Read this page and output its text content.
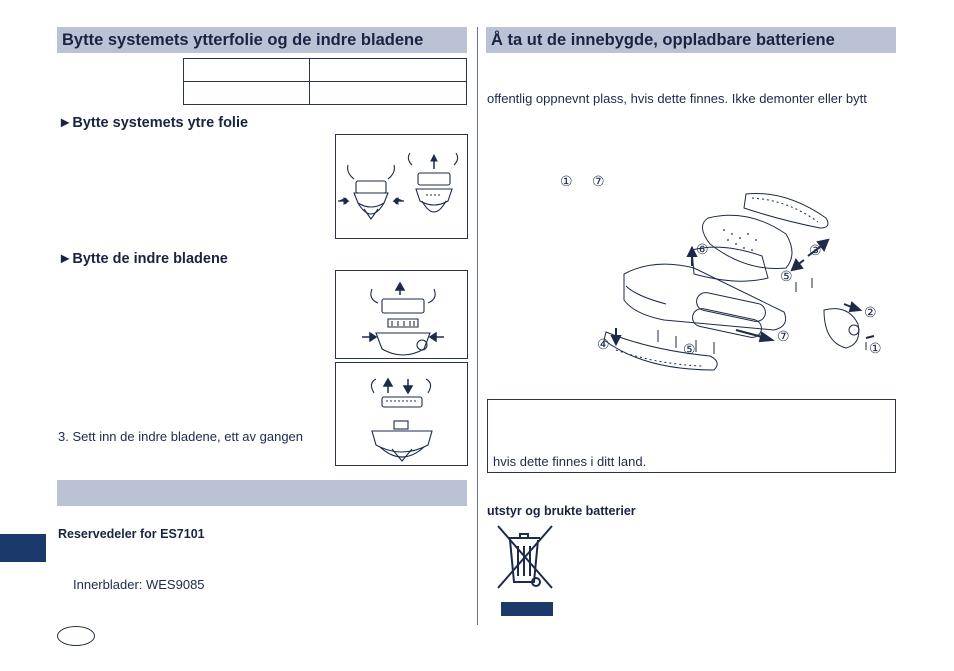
Bytte systemets ytterfolie og de indre bladene

►Bytte systemets ytre folie
►Bytte de indre bladene
3. Sett inn de indre bladene, ett av gangen
Reservedeler for ES7101
Innerblader: WES9085
Å ta ut de innebygde, oppladbare batteriene
offentlig oppnevnt plass, hvis dette finnes. Ikke demonter eller bytt
① ⑦
①
②
③
④
⑤
⑤
⑥
⑦
hvis dette finnes i ditt land.
utstyr og brukte batterier
